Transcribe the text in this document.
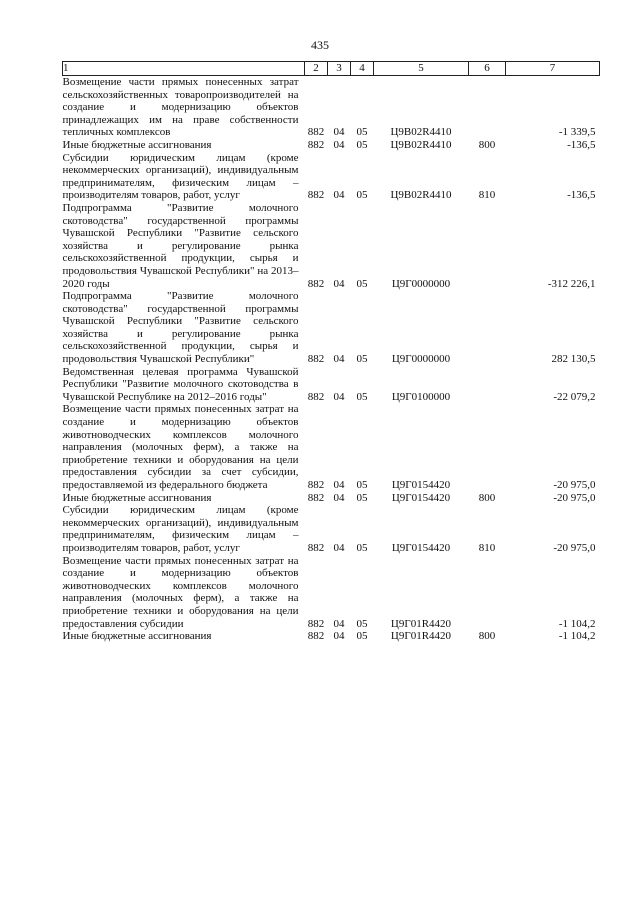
435
1	2	3	4	5	6	7
Возмещение части прямых понесенных затрат сельскохозяйственных товаропроизводителей на создание и модернизацию объектов принадлежащих им на праве собственности тепличных комплексов	882	04	05	Ц9В02R4410		-1 339,5
Иные бюджетные ассигнования	882	04	05	Ц9В02R4410	800	-136,5
Субсидии юридическим лицам (кроме некоммерческих организаций), индивидуальным предпринимателям, физическим лицам – производителям товаров, работ, услуг	882	04	05	Ц9В02R4410	810	-136,5
Подпрограмма "Развитие молочного скотоводства" государственной программы Чувашской Республики "Развитие сельского хозяйства и регулирование рынка сельскохозяйственной продукции, сырья и продовольствия Чувашской Республики" на 2013–2020 годы	882	04	05	Ц9Г0000000		-312 226,1
Подпрограмма "Развитие молочного скотоводства" государственной программы Чувашской Республики "Развитие сельского хозяйства и регулирование рынка сельскохозяйственной продукции, сырья и продовольствия Чувашской Республики"	882	04	05	Ц9Г0000000		282 130,5
Ведомственная целевая программа Чувашской Республики "Развитие молочного скотоводства в Чувашской Республике на 2012–2016 годы"	882	04	05	Ц9Г0100000		-22 079,2
Возмещение части прямых понесенных затрат на создание и модернизацию объектов животноводческих комплексов молочного направления (молочных ферм), а также на приобретение техники и оборудования на цели предоставления субсидии за счет субсидии, предоставляемой из федерального бюджета	882	04	05	Ц9Г0154420		-20 975,0
Иные бюджетные ассигнования	882	04	05	Ц9Г0154420	800	-20 975,0
Субсидии юридическим лицам (кроме некоммерческих организаций), индивидуальным предпринимателям, физическим лицам – производителям товаров, работ, услуг	882	04	05	Ц9Г0154420	810	-20 975,0
Возмещение части прямых понесенных затрат на создание и модернизацию объектов животноводческих комплексов молочного направления (молочных ферм), а также на приобретение техники и оборудования на цели предоставления субсидии	882	04	05	Ц9Г01R4420		-1 104,2
Иные бюджетные ассигнования	882	04	05	Ц9Г01R4420	800	-1 104,2
